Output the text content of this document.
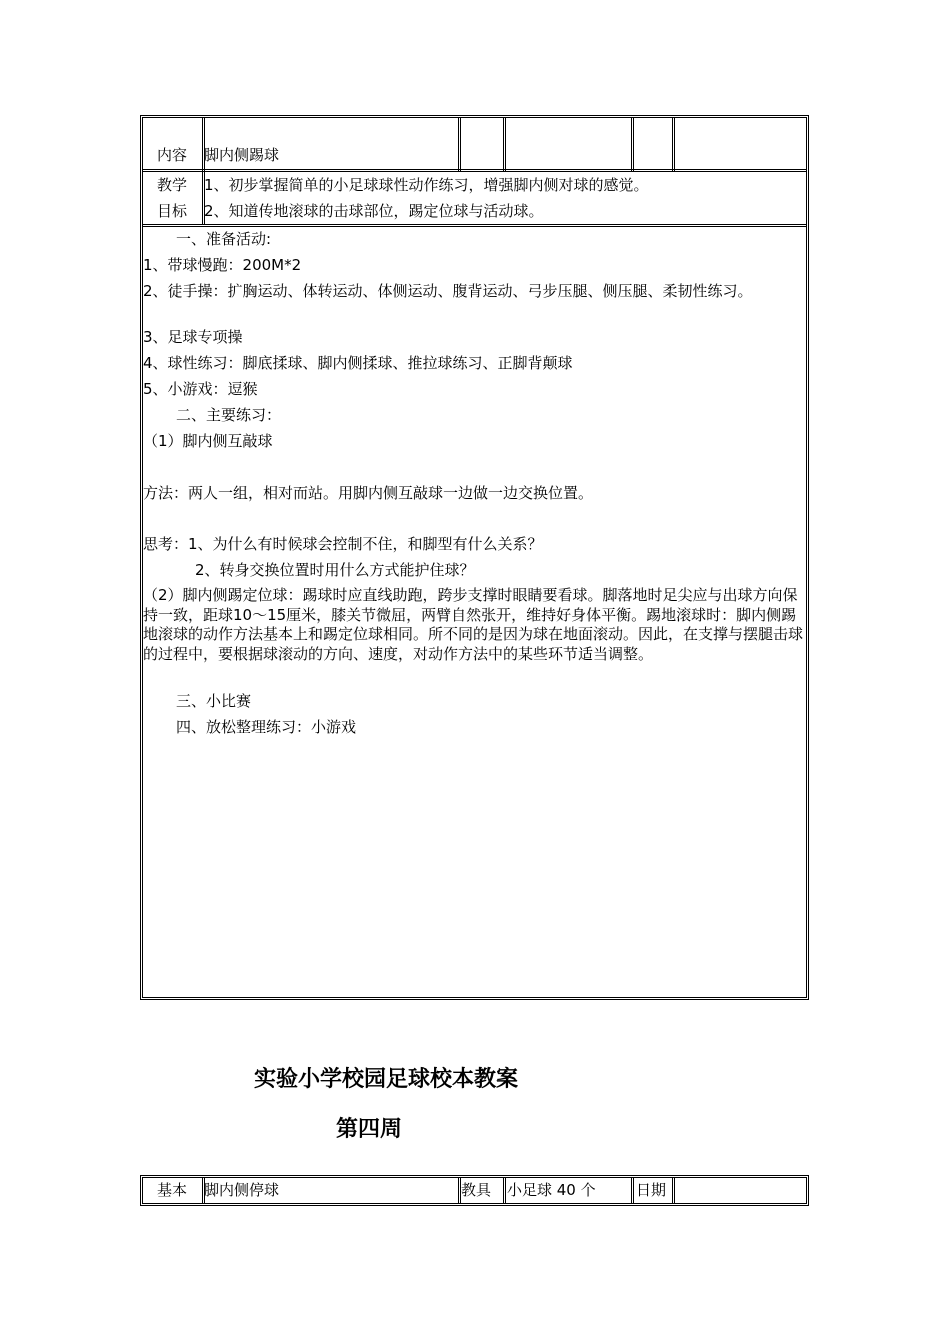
内容 脚内侧踢球
教学
目标
1、初步掌握简单的小足球球性动作练习，增强脚内侧对球的感觉。
2、知道传地滚球的击球部位，踢定位球与活动球。
一、准备活动:
1、带球慢跑：200M*2
2、徒手操：扩胸运动、体转运动、体侧运动、腹背运动、弓步压腿、侧压腿、柔韧性练习。
3、足球专项操
4、球性练习：脚底揉球、脚内侧揉球、推拉球练习、正脚背颠球
5、小游戏：逗猴
二、主要练习：
（1）脚内侧互敲球
方法：两人一组，相对而站。用脚内侧互敲球一边做一边交换位置。
思考：1、为什么有时候球会控制不住，和脚型有什么关系？
2、转身交换位置时用什么方式能护住球？
（2）脚内侧踢定位球：踢球时应直线助跑，跨步支撑时眼睛要看球。脚落地时足尖应与出球方向保持一致，距球10～15厘米，膝关节微屈，两臂自然张开，维持好身体平衡。踢地滚球时：脚内侧踢地滚球的动作方法基本上和踢定位球相同。所不同的是因为球在地面滚动。因此，在支撑与摆腿击球的过程中，要根据球滚动的方向、速度，对动作方法中的某些环节适当调整。
三、小比赛
四、放松整理练习：小游戏
实验小学校园足球校本教案
第四周
基本 脚内侧停球	教具 小足球 40 个	日期
